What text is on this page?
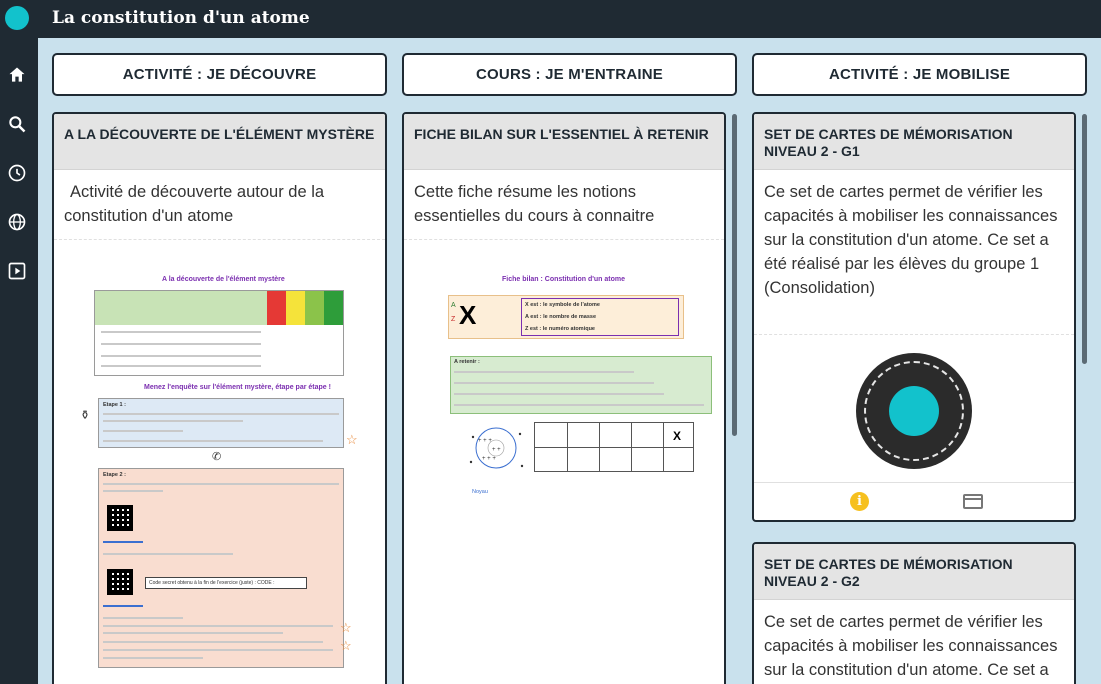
La constitution d'un atome
ACTIVITÉ : JE DÉCOUVRE	COURS : JE M'ENTRAINE	ACTIVITÉ : JE MOBILISE
A LA DÉCOUVERTE DE L'ÉLÉMENT MYSTÈRE
Activité de découverte autour de la constitution d'un atome
A la découverte de l'élément mystère
Menez l'enquête sur l'élément mystère, étape par étape !
Etape 1 :
☆
⚱
✆
Etape 2 :
Code secret obtenu à la fin de l'exercice (juste) : CODE :
☆
☆
FICHE BILAN SUR L'ESSENTIEL À RETENIR
Cette fiche résume les notions essentielles du cours à connaitre
Fiche bilan : Constitution d'un atome
A
Z X	X est : le symbole de l'atome
A est : le nombre de masse
Z est : le numéro atomique
A retenir :
+ +
+ + +
+ + +
Noyau
X
SET DE CARTES DE MÉMORISATION NIVEAU 2 - G1
Ce set de cartes permet de vérifier les capacités à mobiliser les connaissances sur la constitution d'un atome. Ce set a été réalisé par les élèves du groupe 1 (Consolidation)
i
SET DE CARTES DE MÉMORISATION NIVEAU 2 - G2
Ce set de cartes permet de vérifier les capacités à mobiliser les connaissances sur la constitution d'un atome. Ce set a
